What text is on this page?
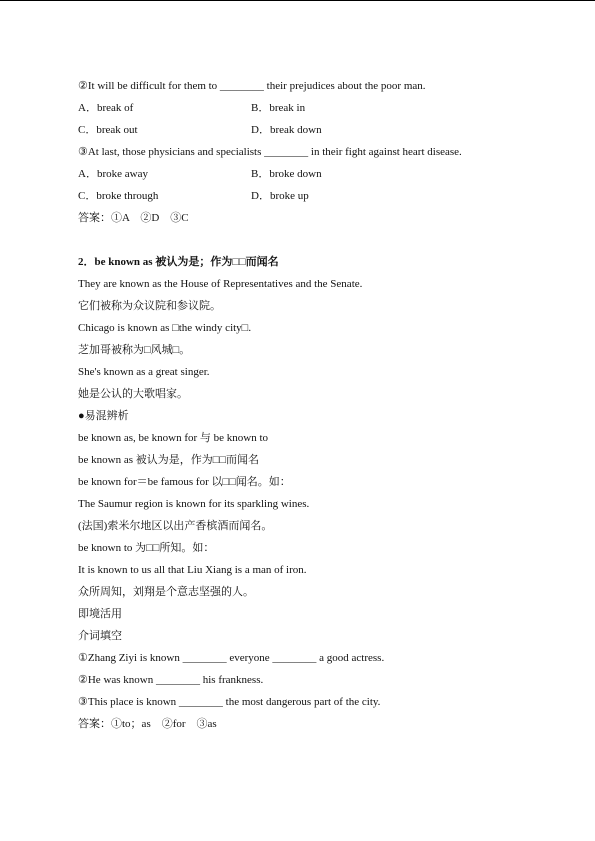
②It will be difficult for them to ________ their prejudices about the poor man.
A．break of	B．break in
C．break out	D．break down
③At last, those physicians and specialists ________ in their fight against heart disease.
A．broke away	B．broke down
C．broke through	D．broke up
答案：①A　②D　③C
2．be known as 被认为是；作为□□而闻名
They are known as the House of Representatives and the Senate.
它们被称为众议院和参议院。
Chicago is known as □the windy city□.
芝加哥被称为□风城□。
She's known as a great singer.
她是公认的大歌唱家。
●易混辨析
be known as, be known for 与 be known to
be known as 被认为是，作为□□而闻名
be known for＝be famous for 以□□闻名。如：
The Saumur region is known for its sparkling wines.
(法国)索米尔地区以出产香槟酒而闻名。
be known to 为□□所知。如：
It is known to us all that Liu Xiang is a man of iron.
众所周知，刘翔是个意志坚强的人。
即境活用
介词填空
①Zhang Ziyi is known ________ everyone ________ a good actress.
②He was known ________ his frankness.
③This place is known ________ the most dangerous part of the city.
答案：①to；as　②for　③as
